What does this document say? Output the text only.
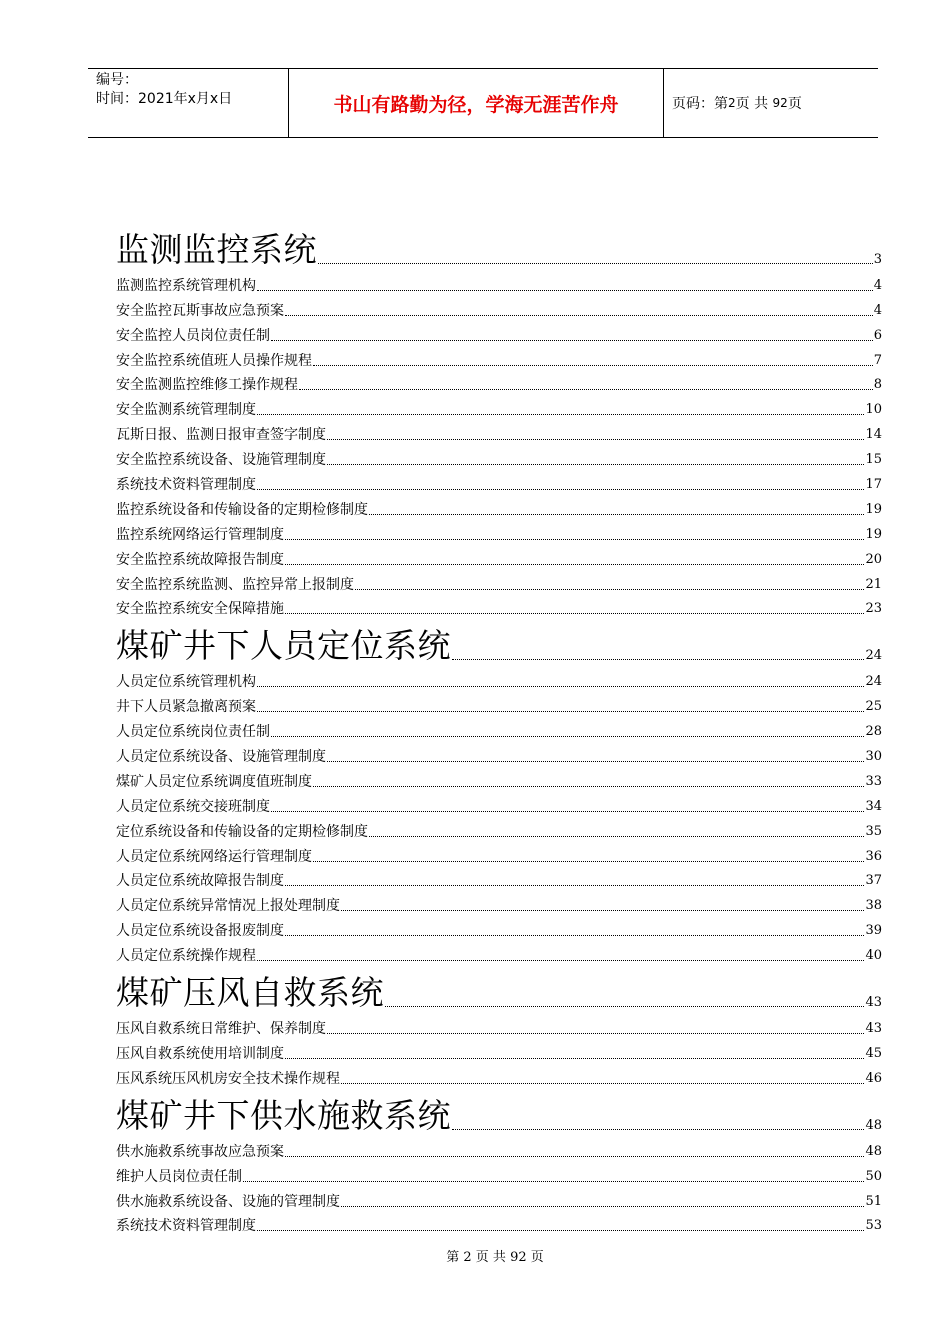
编号：
时间：2021年x月x日	书山有路勤为径，学海无涯苦作舟	页码：第 2 页 共
92 页
监测监控系统	3
监测监控系统管理机构	4
安全监控瓦斯事故应急预案	4
安全监控人员岗位责任制	6
安全监控系统值班人员操作规程	7
安全监测监控维修工操作规程	8
安全监测系统管理制度	10
瓦斯日报、监测日报审查签字制度	14
安全监控系统设备、设施管理制度	15
系统技术资料管理制度	17
监控系统设备和传输设备的定期检修制度	19
监控系统网络运行管理制度	19
安全监控系统故障报告制度	20
安全监控系统监测、监控异常上报制度	21
安全监控系统安全保障措施	23
煤矿井下人员定位系统	24
人员定位系统管理机构	24
井下人员紧急撤离预案	25
人员定位系统岗位责任制	28
人员定位系统设备、设施管理制度	30
煤矿人员定位系统调度值班制度	33
人员定位系统交接班制度	34
定位系统设备和传输设备的定期检修制度	35
人员定位系统网络运行管理制度	36
人员定位系统故障报告制度	37
人员定位系统异常情况上报处理制度	38
人员定位系统设备报废制度	39
人员定位系统操作规程	40
煤矿压风自救系统	43
压风自救系统日常维护、保养制度	43
压风自救系统使用培训制度	45
压风系统压风机房安全技术操作规程	46
煤矿井下供水施救系统	48
供水施救系统事故应急预案	48
维护人员岗位责任制	50
供水施救系统设备、设施的管理制度	51
系统技术资料管理制度	53
第 2 页 共 92 页
